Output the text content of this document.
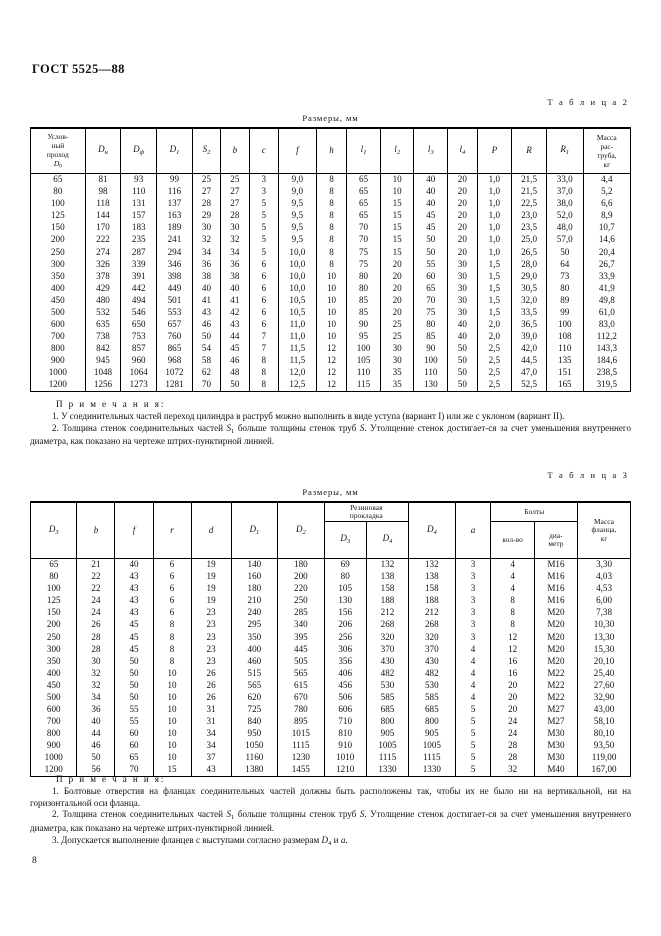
ГОСТ 5525—88

Т а б л и ц а 2

Размеры, мм

Услов-
ный
проход
$D_0$	$D_н$	$D_ф$	$D_1$	$S_2$	b	c	f	h	$l_1$	$l_2$	$l_3$	$l_4$	P	R	$R_1$	Масса
рас-
труба,
кг
65	81	93	99	25	25	3	9,0	8	65	10	40	20	1,0	21,5	33,0	4,4
80	98	110	116	27	27	3	9,0	8	65	10	40	20	1,0	21,5	37,0	5,2
100	118	131	137	28	27	5	9,5	8	65	15	40	20	1,0	22,5	38,0	6,6
125	144	157	163	29	28	5	9,5	8	65	15	45	20	1,0	23,0	52,0	8,9
150	170	183	189	30	30	5	9,5	8	70	15	45	20	1,0	23,5	48,0	10,7
200	222	235	241	32	32	5	9,5	8	70	15	50	20	1,0	25,0	57,0	14,6
250	274	287	294	34	34	5	10,0	8	75	15	50	20	1,0	26,5	50	20,4
300	326	339	346	36	36	6	10,0	8	75	20	55	30	1,5	28,0	64	26,7
350	378	391	398	38	38	6	10,0	10	80	20	60	30	1,5	29,0	73	33,9
400	429	442	449	40	40	6	10,0	10	80	20	65	30	1,5	30,5	80	41,9
450	480	494	501	41	41	6	10,5	10	85	20	70	30	1,5	32,0	89	49,8
500	532	546	553	43	42	6	10,5	10	85	20	75	30	1,5	33,5	99	61,0
600	635	650	657	46	43	6	11,0	10	90	25	80	40	2,0	36,5	100	83,0
700	738	753	760	50	44	7	11,0	10	95	25	85	40	2,0	39,0	108	112,2
800	842	857	865	54	45	7	11,5	12	100	30	90	50	2,5	42,0	110	143,3
900	945	960	968	58	46	8	11,5	12	105	30	100	50	2,5	44,5	135	184,6
1000	1048	1064	1072	62	48	8	12,0	12	110	35	110	50	2,5	47,0	151	238,5
1200	1256	1273	1281	70	50	8	12,5	12	115	35	130	50	2,5	52,5	165	319,5

П р и м е ч а н и я:

1. У соединительных частей переход цилиндра в раструб можно выполнить в виде уступа (вариант I) или же с уклоном (вариант II).

2. Толщина стенок соединительных частей $S_1$ больше толщины стенок труб S. Утолщение стенок достигает-ся за счет уменьшения внутреннего диаметра, как показано на чертеже штрих-пунктирной линией.

Т а б л и ц а 3

Размеры, мм

$D_3$	b	f	r	d	$D_1$	$D_2$	Резиновая
прокладка		$D_4$	a	Болты		Масса
фланца,
кг
							$D_3$	$D_4$			кол-во	диа-
метр	
65	21	40	6	19	140	180	69	132	132	3	4	М16	3,30
80	22	43	6	19	160	200	80	138	138	3	4	М16	4,03
100	22	43	6	19	180	220	105	158	158	3	4	М16	4,53
125	24	43	6	19	210	250	130	188	188	3	8	М16	6,00
150	24	43	6	23	240	285	156	212	212	3	8	М20	7,38
200	26	45	8	23	295	340	206	268	268	3	8	М20	10,30
250	28	45	8	23	350	395	256	320	320	3	12	М20	13,30
300	28	45	8	23	400	445	306	370	370	4	12	М20	15,30
350	30	50	8	23	460	505	356	430	430	4	16	М20	20,10
400	32	50	10	26	515	565	406	482	482	4	16	М22	25,40
450	32	50	10	26	565	615	456	530	530	4	20	М22	27,60
500	34	50	10	26	620	670	506	585	585	4	20	М22	32,90
600	36	55	10	31	725	780	606	685	685	5	20	М27	43,00
700	40	55	10	31	840	895	710	800	800	5	24	М27	58,10
800	44	60	10	34	950	1015	810	905	905	5	24	М30	80,10
900	46	60	10	34	1050	1115	910	1005	1005	5	28	М30	93,50
1000	50	65	10	37	1160	1230	1010	1115	1115	5	28	М30	119,00
1200	56	70	15	43	1380	1455	1210	1330	1330	5	32	М40	167,00

П р и м е ч а н и я:

1. Болтовые отверстия на фланцах соединительных частей должны быть расположены так, чтобы их не было ни на вертикальной, ни на горизонтальной оси фланца.

2. Толщина стенок соединительных частей $S_1$ больше толщины стенок труб S. Утолщение стенок достигает-ся за счет уменьшения внутреннего диаметра, как показано на чертеже штрих-пунктирной линией.

3. Допускается выполнение фланцев с выступами согласно размерам $D_4$ и a.

8
